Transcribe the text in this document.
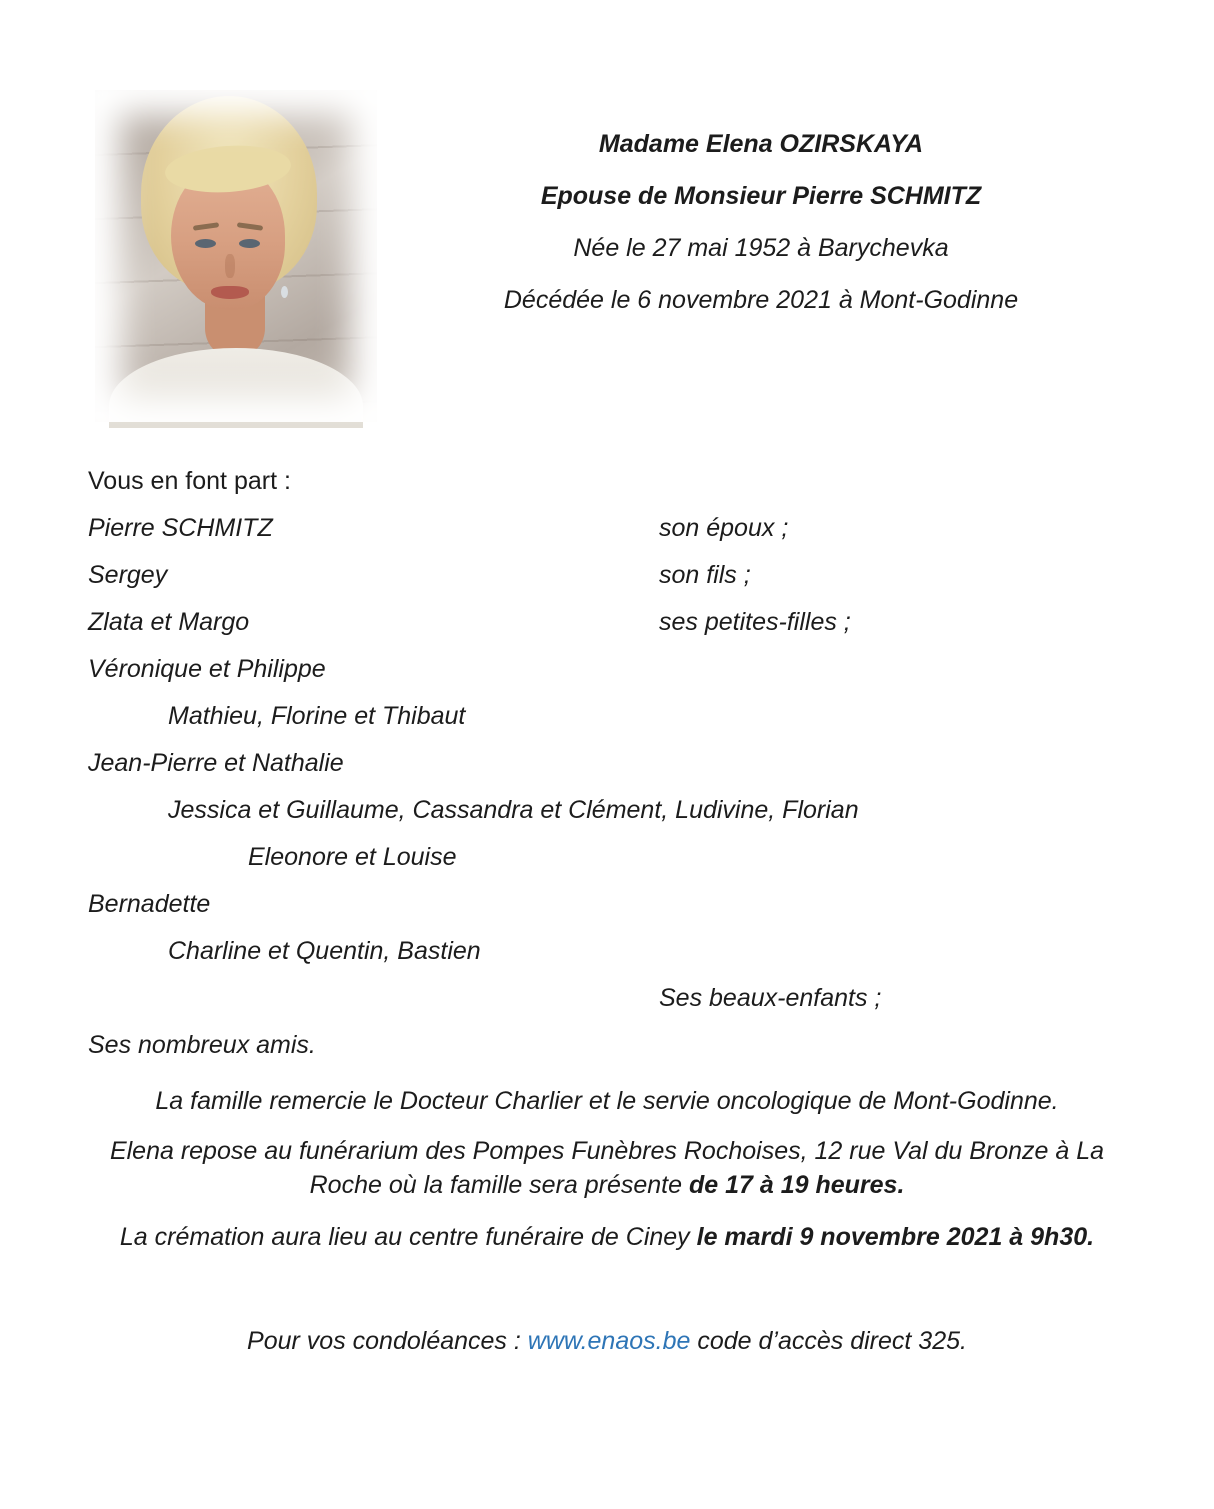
Madame Elena OZIRSKAYA
Epouse de Monsieur Pierre SCHMITZ
Née le 27 mai 1952 à Barychevka
Décédée le 6 novembre 2021 à Mont-Godinne
Vous en font part :
Pierre SCHMITZ	son époux ;
Sergey	son fils ;
Zlata et Margo	ses petites-filles ;
Véronique et Philippe
Mathieu, Florine et Thibaut
Jean-Pierre et Nathalie
Jessica et Guillaume, Cassandra et Clément, Ludivine, Florian
Eleonore et Louise
Bernadette
Charline et Quentin, Bastien
Ses beaux-enfants ;
Ses nombreux amis.

La famille remercie le Docteur Charlier et le servie oncologique de Mont-Godinne.

Elena repose au funérarium des Pompes Funèbres Rochoises, 12 rue Val du Bronze à La Roche où la famille sera présente de 17 à 19 heures.

La crémation aura lieu au centre funéraire de Ciney le mardi 9 novembre 2021 à 9h30.

Pour vos condoléances : www.enaos.be code d’accès direct 325.
